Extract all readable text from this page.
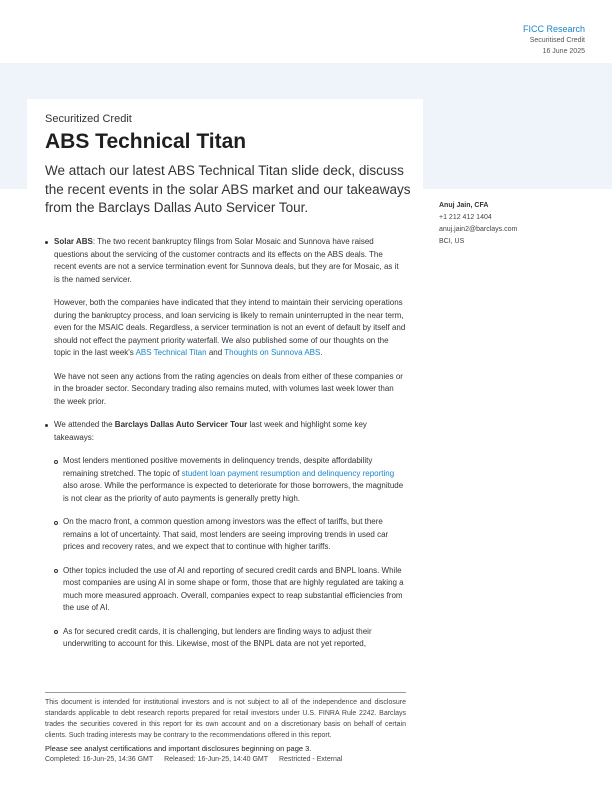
FICC Research
Securitised Credit
16 June 2025
Securitized Credit
ABS Technical Titan

We attach our latest ABS Technical Titan slide deck, discuss the recent events in the solar ABS market and our takeaways from the Barclays Dallas Auto Servicer Tour.	Anuj Jain, CFA
+1 212 412 1404
anuj.jain2@barclays.com
BCI, US

Solar ABS: The two recent bankruptcy filings from Solar Mosaic and Sunnova have raised questions about the servicing of the customer contracts and its effects on the ABS deals. The recent events are not a service termination event for Sunnova deals, but they are for Mosaic, as it is the named servicer.

However, both the companies have indicated that they intend to maintain their servicing operations during the bankruptcy process, and loan servicing is likely to remain uninterrupted in the near term, even for the MSAIC deals. Regardless, a servicer termination is not an event of default by itself and should not effect the payment priority waterfall. We also published some of our thoughts on the topic in the last week's ABS Technical Titan and Thoughts on Sunnova ABS.

We have not seen any actions from the rating agencies on deals from either of these companies or in the broader sector. Secondary trading also remains muted, with volumes last week lower than the week prior.

We attended the Barclays Dallas Auto Servicer Tour last week and highlight some key takeaways:

Most lenders mentioned positive movements in delinquency trends, despite affordability remaining stretched. The topic of student loan payment resumption and delinquency reporting also arose. While the performance is expected to deteriorate for those borrowers, the magnitude is not clear as the priority of auto payments is generally pretty high.

On the macro front, a common question among investors was the effect of tariffs, but there remains a lot of uncertainty. That said, most lenders are seeing improving trends in used car prices and recovery rates, and we expect that to continue with higher tariffs.

Other topics included the use of AI and reporting of secured credit cards and BNPL loans. While most companies are using AI in some shape or form, those that are highly regulated are taking a much more measured approach. Overall, companies expect to reap substantial efficiencies from the use of AI.

As for secured credit cards, it is challenging, but lenders are finding ways to adjust their underwriting to account for this. Likewise, most of the BNPL data are not yet reported,

This document is intended for institutional investors and is not subject to all of the independence and disclosure standards applicable to debt research reports prepared for retail investors under U.S. FINRA Rule 2242. Barclays trades the securities covered in this report for its own account and on a discretionary basis on behalf of certain clients. Such trading interests may be contrary to the recommendations offered in this report.
Please see analyst certifications and important disclosures beginning on page 3.
Completed: 16-Jun-25, 14:36 GMT Released: 16-Jun-25, 14:40 GMT Restricted - External
